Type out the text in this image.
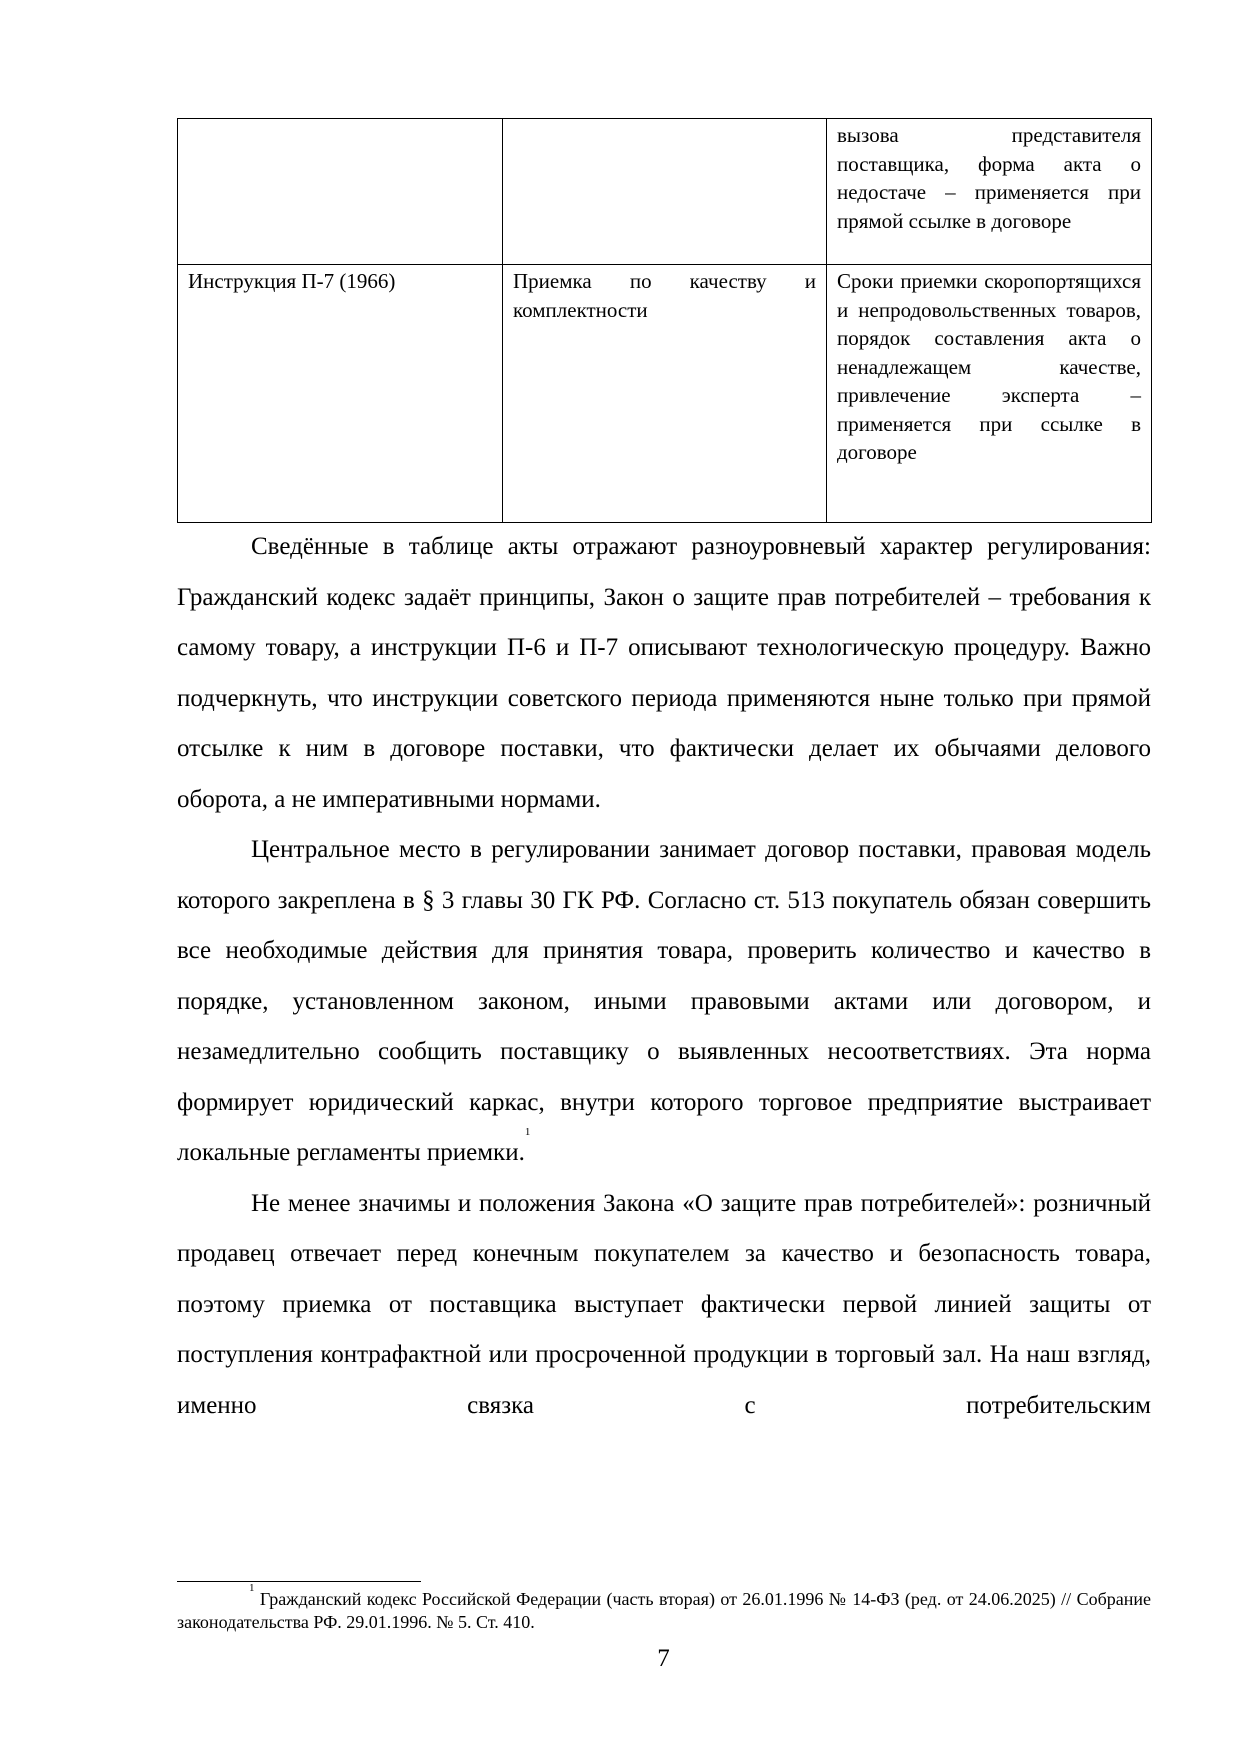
		вызова представителя поставщика, форма акта о недостаче – применяется при прямой ссылке в договоре
Инструкция П-7 (1966)	Приемка по качеству и комплектности	Сроки приемки скоропортящихся и непродовольственных товаров, порядок составления акта о ненадлежащем качестве, привлечение эксперта – применяется при ссылке в договоре

Сведённые в таблице акты отражают разноуровневый характер регулирования: Гражданский кодекс задаёт принципы, Закон о защите прав потребителей – требования к самому товару, а инструкции П-6 и П-7 описывают технологическую процедуру. Важно подчеркнуть, что инструкции советского периода применяются ныне только при прямой отсылке к ним в договоре поставки, что фактически делает их обычаями делового оборота, а не императивными нормами.

Центральное место в регулировании занимает договор поставки, правовая модель которого закреплена в § 3 главы 30 ГК РФ. Согласно ст. 513 покупатель обязан совершить все необходимые действия для принятия товара, проверить количество и качество в порядке, установленном законом, иными правовыми актами или договором, и незамедлительно сообщить поставщику о выявленных несоответствиях. Эта норма формирует юридический каркас, внутри которого торговое предприятие выстраивает локальные регламенты приемки.$^1$

Не менее значимы и положения Закона «О защите прав потребителей»: розничный продавец отвечает перед конечным покупателем за качество и безопасность товара, поэтому приемка от поставщика выступает фактически первой линией защиты от поступления контрафактной или просроченной продукции в торговый зал. На наш взгляд, именно связка с потребительским

$^1$ Гражданский кодекс Российской Федерации (часть вторая) от 26.01.1996 № 14-ФЗ (ред. от 24.06.2025) // Собрание законодательства РФ. 29.01.1996. № 5. Ст. 410.

7
